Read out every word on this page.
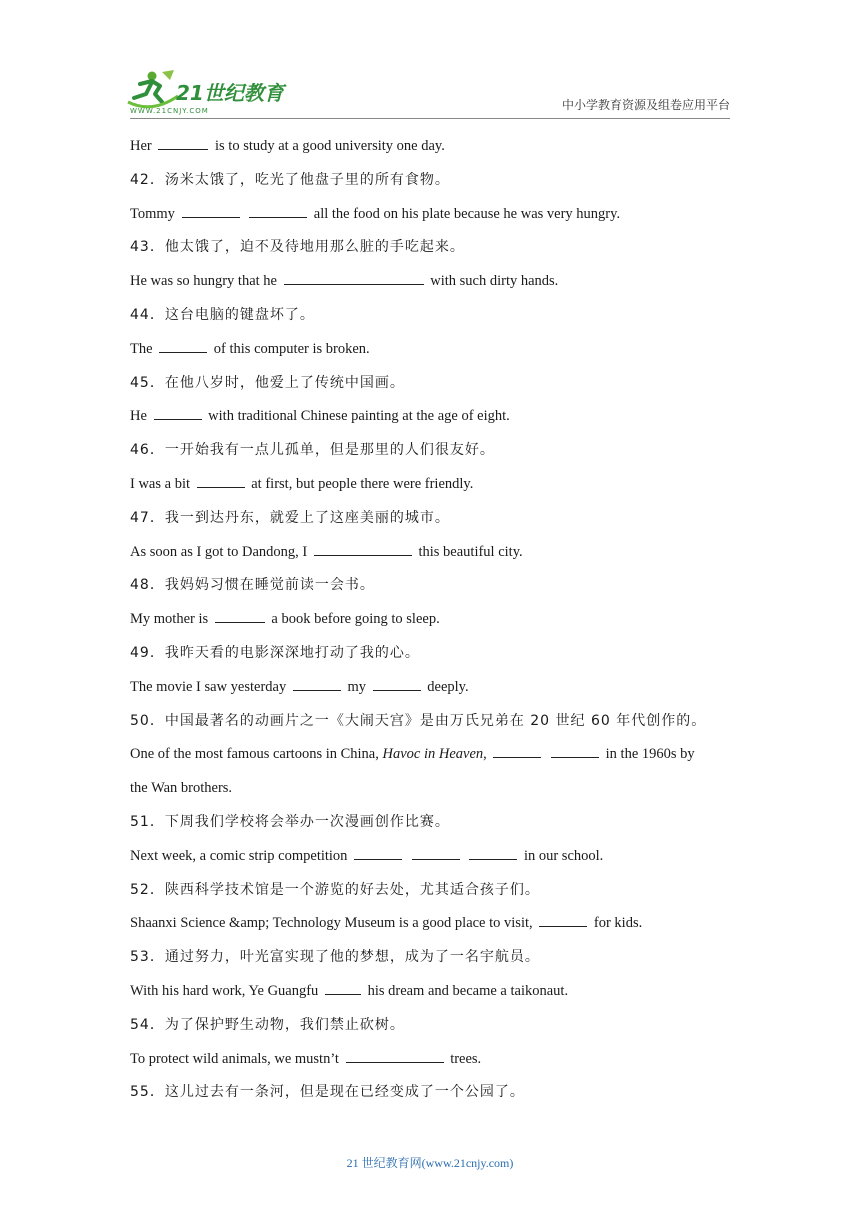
21世纪教育
WWW.21CNJY.COM	中小学教育资源及组卷应用平台
Her	is to study at a good university one day.
42．汤米太饿了，吃光了他盘子里的所有食物。
Tommy	all the food on his plate because he was very hungry.
43．他太饿了，迫不及待地用那么脏的手吃起来。
He was so hungry that he	with such dirty hands.
44．这台电脑的键盘坏了。
The	of this computer is broken.
45．在他八岁时，他爱上了传统中国画。
He	with traditional Chinese painting at the age of eight.
46．一开始我有一点儿孤单，但是那里的人们很友好。
I was a bit	at first, but people there were friendly.
47．我一到达丹东，就爱上了这座美丽的城市。
As soon as I got to Dandong, I	this beautiful city.
48．我妈妈习惯在睡觉前读一会书。
My mother is	a book before going to sleep.
49．我昨天看的电影深深地打动了我的心。
The movie I saw yesterday	my	deeply.
50．中国最著名的动画片之一《大闹天宫》是由万氏兄弟在 20 世纪 60 年代创作的。
One of the most famous cartoons in China, Havoc in Heaven,	in the 1960s by
the Wan brothers.
51．下周我们学校将会举办一次漫画创作比赛。
Next week, a comic strip competition	in our school.
52．陕西科学技术馆是一个游览的好去处，尤其适合孩子们。
Shaanxi Science &amp; Technology Museum is a good place to visit,	for kids.
53．通过努力，叶光富实现了他的梦想，成为了一名宇航员。
With his hard work, Ye Guangfu	his dream and became a taikonaut.
54．为了保护野生动物，我们禁止砍树。
To protect wild animals, we mustn’t	trees.
55．这儿过去有一条河，但是现在已经变成了一个公园了。
21 世纪教育网(www.21cnjy.com)
